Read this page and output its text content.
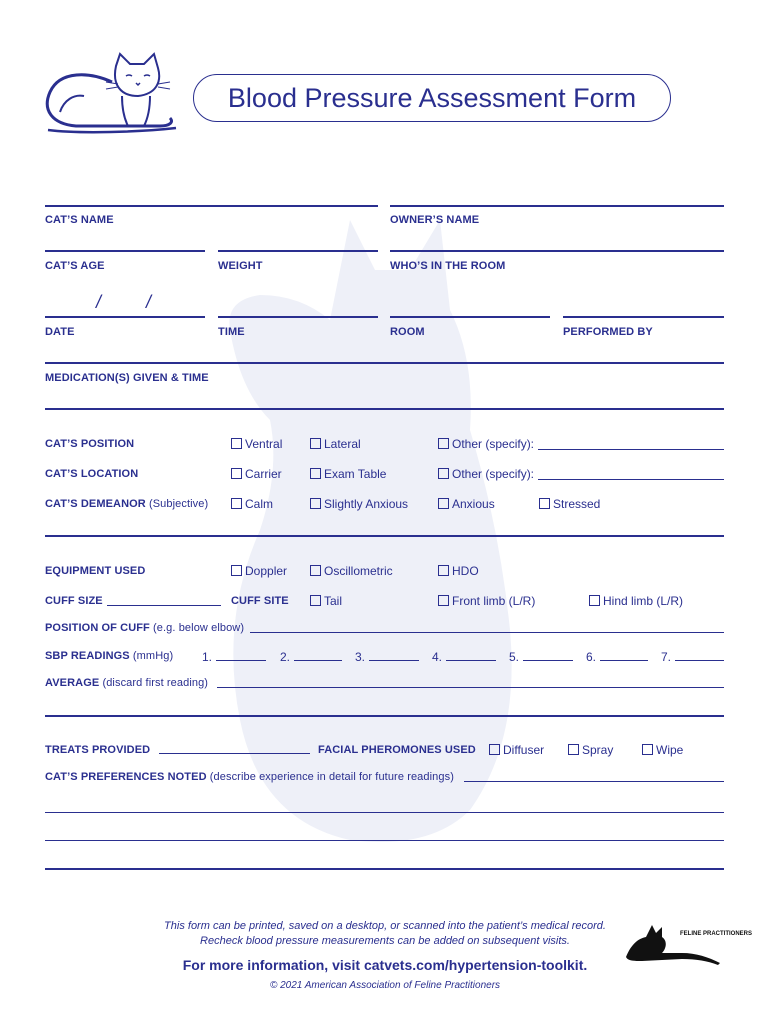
Blood Pressure Assessment Form
CAT’S NAME	OWNER’S NAME
CAT’S AGE	WEIGHT	WHO’S IN THE ROOM
/ /
DATE	TIME	ROOM	PERFORMED BY
MEDICATION(S) GIVEN & TIME
CAT’S POSITION	Ventral	Lateral	Other (specify):
CAT’S LOCATION	Carrier	Exam Table	Other (specify):
CAT’S DEMEANOR (Subjective)	Calm	Slightly Anxious	Anxious	Stressed
EQUIPMENT USED	Doppler	Oscillometric	HDO
CUFF SIZE	CUFF SITE	Tail	Front limb (L/R)	Hind limb (L/R)
POSITION OF CUFF (e.g. below elbow)
SBP READINGS (mmHg) 1.	2.	3.	4.	5.	6.	7.
AVERAGE (discard first reading)
TREATS PROVIDED	FACIAL PHEROMONES USED	Diffuser	Spray	Wipe
CAT’S PREFERENCES NOTED (describe experience in detail for future readings)
This form can be printed, saved on a desktop, or scanned into the patient’s medical record.
Recheck blood pressure measurements can be added on subsequent visits.
For more information, visit catvets.com/hypertension-toolkit.
© 2021 American Association of Feline Practitioners
FELINE PRACTITIONERS
